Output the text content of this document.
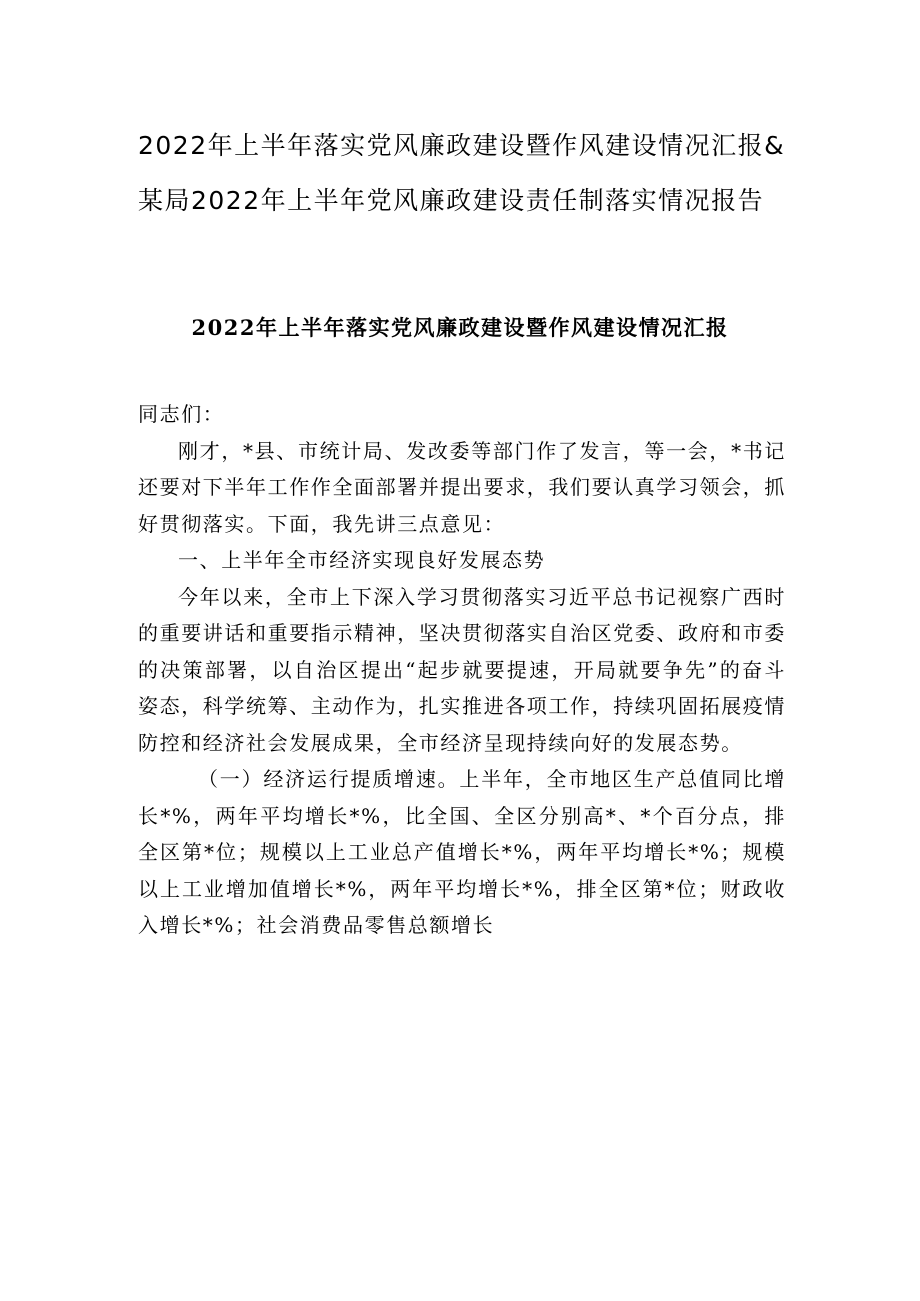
2022年上半年落实党风廉政建设暨作风建设情况汇报&某局2022年上半年党风廉政建设责任制落实情况报告
2022年上半年落实党风廉政建设暨作风建设情况汇报

同志们：

刚才，*县、市统计局、发改委等部门作了发言，等一会，*书记还要对下半年工作作全面部署并提出要求，我们要认真学习领会，抓好贯彻落实。下面，我先讲三点意见：

一、上半年全市经济实现良好发展态势

今年以来，全市上下深入学习贯彻落实习近平总书记视察广西时的重要讲话和重要指示精神，坚决贯彻落实自治区党委、政府和市委的决策部署，以自治区提出“起步就要提速，开局就要争先”的奋斗姿态，科学统筹、主动作为，扎实推进各项工作，持续巩固拓展疫情防控和经济社会发展成果，全市经济呈现持续向好的发展态势。

（一）经济运行提质增速。上半年，全市地区生产总值同比增长*%，两年平均增长*%，比全国、全区分别高*、*个百分点，排全区第*位；规模以上工业总产值增长*%，两年平均增长*%；规模以上工业增加值增长*%，两年平均增长*%，排全区第*位；财政收入增长*%；社会消费品零售总额增长
